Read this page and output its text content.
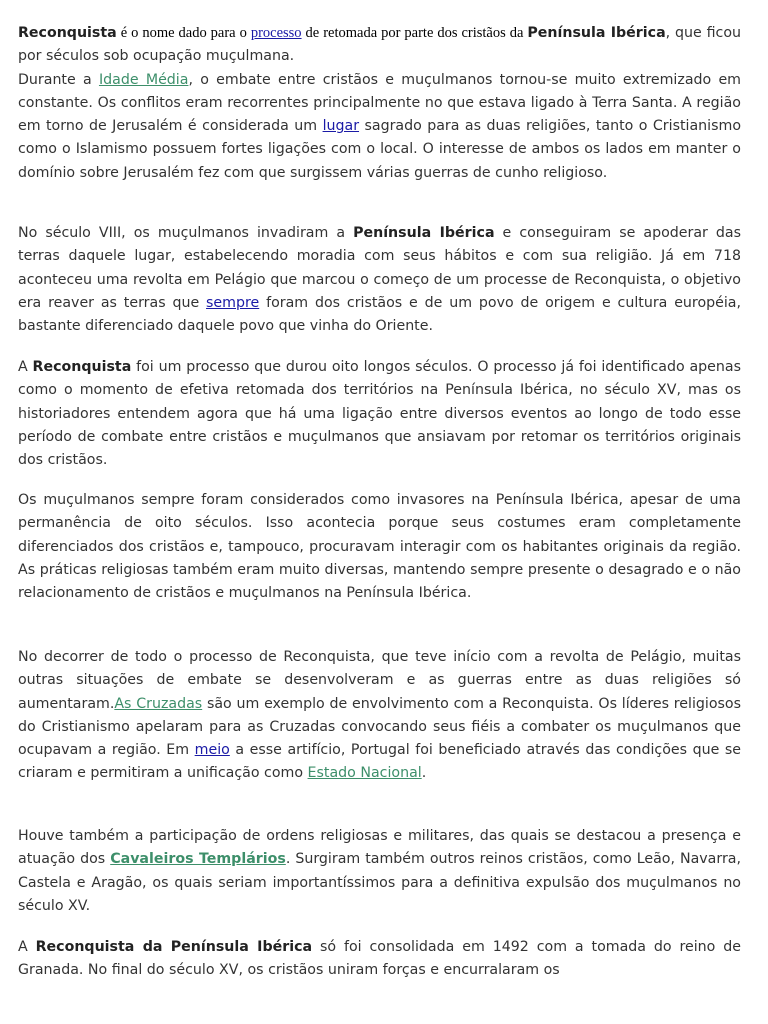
Reconquista é o nome dado para o processo de retomada por parte dos cristãos da Península Ibérica, que ficou por séculos sob ocupação muçulmana.
Durante a Idade Média, o embate entre cristãos e muçulmanos tornou-se muito extremizado em constante. Os conflitos eram recorrentes principalmente no que estava ligado à Terra Santa. A região em torno de Jerusalém é considerada um lugar sagrado para as duas religiões, tanto o Cristianismo como o Islamismo possuem fortes ligações com o local. O interesse de ambos os lados em manter o domínio sobre Jerusalém fez com que surgissem várias guerras de cunho religioso.

No século VIII, os muçulmanos invadiram a Península Ibérica e conseguiram se apoderar das terras daquele lugar, estabelecendo moradia com seus hábitos e com sua religião. Já em 718 aconteceu uma revolta em Pelágio que marcou o começo de um processe de Reconquista, o objetivo era reaver as terras que sempre foram dos cristãos e de um povo de origem e cultura européia, bastante diferenciado daquele povo que vinha do Oriente.

A Reconquista foi um processo que durou oito longos séculos. O processo já foi identificado apenas como o momento de efetiva retomada dos territórios na Península Ibérica, no século XV, mas os historiadores entendem agora que há uma ligação entre diversos eventos ao longo de todo esse período de combate entre cristãos e muçulmanos que ansiavam por retomar os territórios originais dos cristãos.

Os muçulmanos sempre foram considerados como invasores na Península Ibérica, apesar de uma permanência de oito séculos. Isso acontecia porque seus costumes eram completamente diferenciados dos cristãos e, tampouco, procuravam interagir com os habitantes originais da região. As práticas religiosas também eram muito diversas, mantendo sempre presente o desagrado e o não relacionamento de cristãos e muçulmanos na Península Ibérica.

No decorrer de todo o processo de Reconquista, que teve início com a revolta de Pelágio, muitas outras situações de embate se desenvolveram e as guerras entre as duas religiões só aumentaram.As Cruzadas são um exemplo de envolvimento com a Reconquista. Os líderes religiosos do Cristianismo apelaram para as Cruzadas convocando seus fiéis a combater os muçulmanos que ocupavam a região. Em meio a esse artifício, Portugal foi beneficiado através das condições que se criaram e permitiram a unificação como Estado Nacional.

Houve também a participação de ordens religiosas e militares, das quais se destacou a presença e atuação dos Cavaleiros Templários. Surgiram também outros reinos cristãos, como Leão, Navarra, Castela e Aragão, os quais seriam importantíssimos para a definitiva expulsão dos muçulmanos no século XV.

A Reconquista da Península Ibérica só foi consolidada em 1492 com a tomada do reino de Granada. No final do século XV, os cristãos uniram forças e encurralaram os
